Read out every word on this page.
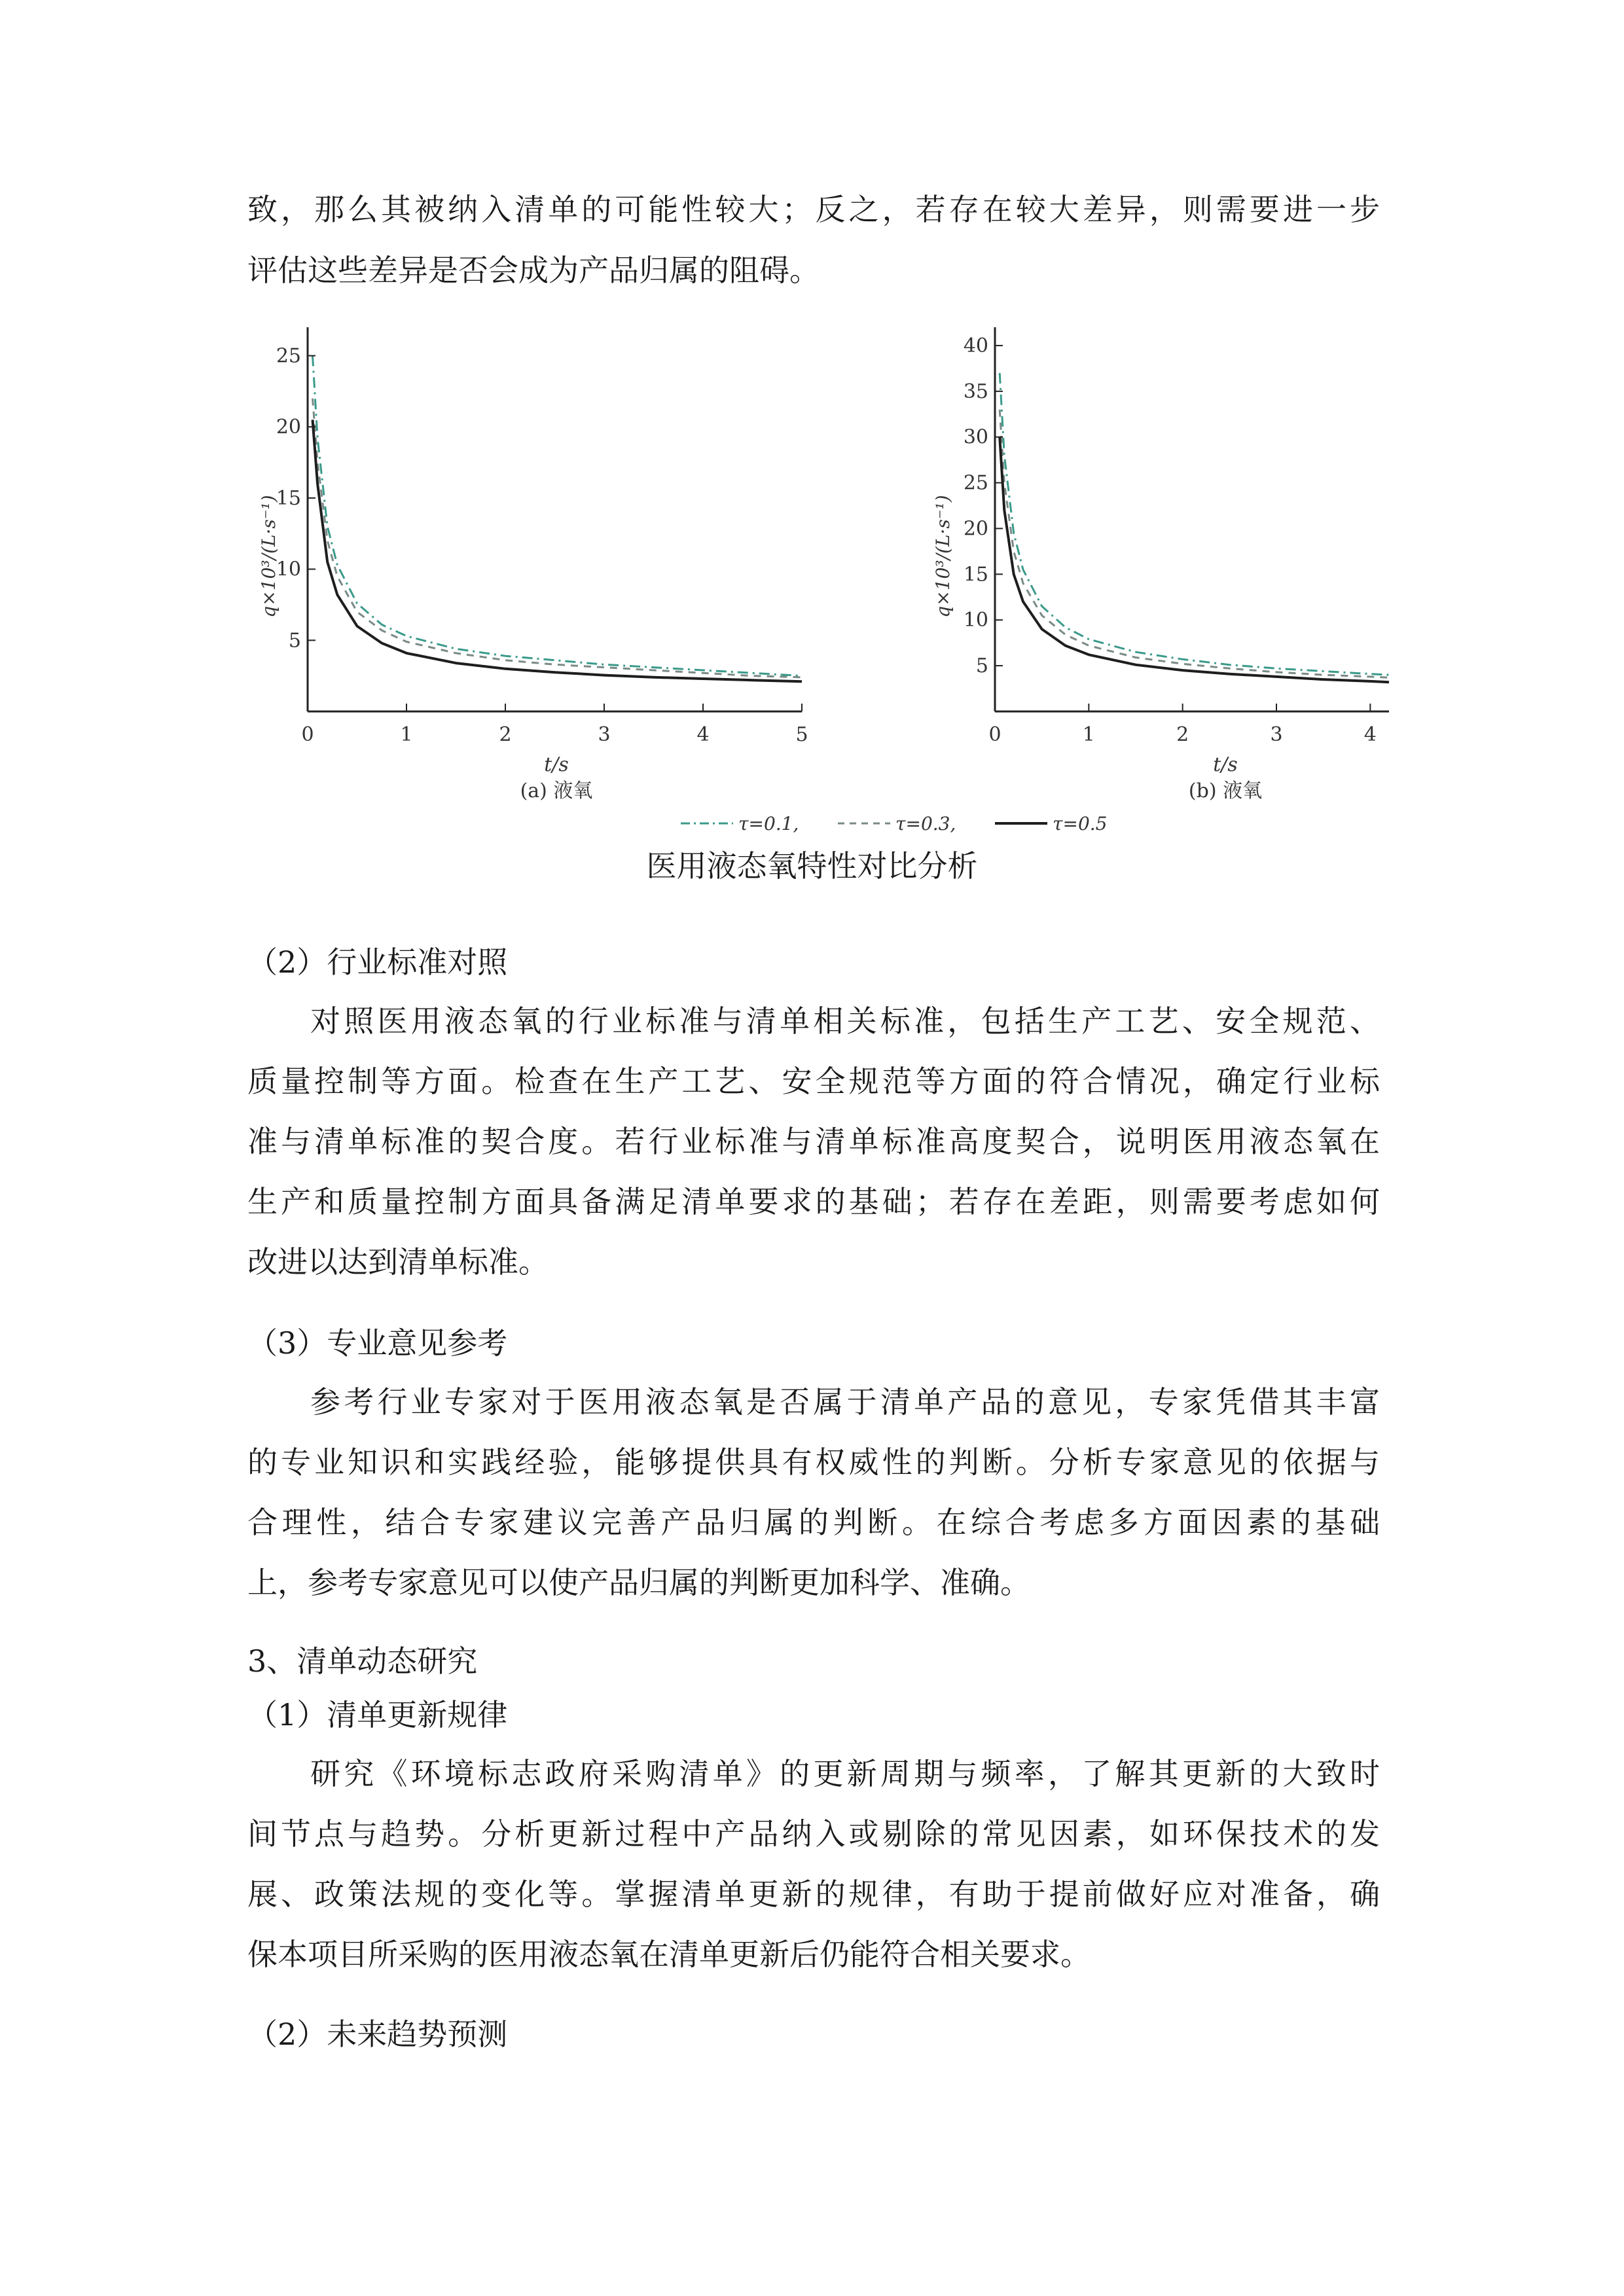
致，那么其被纳入清单的可能性较大；反之，若存在较大差异，则需要进一步
评估这些差异是否会成为产品归属的阻碍。
0	1	2	3	4	5
5
10
15
20
25
q×10³/(L·s⁻¹)
t/s
(a) 液氧
0	1	2	3	4
5
10
15
20
25
30
35
40
q×10³/(L·s⁻¹)
t/s
(b) 液氧
τ=0.1,	τ=0.3,	τ=0.5
医用液态氧特性对比分析
（2）行业标准对照
对照医用液态氧的行业标准与清单相关标准，包括生产工艺、安全规范、
质量控制等方面。检查在生产工艺、安全规范等方面的符合情况，确定行业标
准与清单标准的契合度。若行业标准与清单标准高度契合，说明医用液态氧在
生产和质量控制方面具备满足清单要求的基础；若存在差距，则需要考虑如何
改进以达到清单标准。
（3）专业意见参考
参考行业专家对于医用液态氧是否属于清单产品的意见，专家凭借其丰富
的专业知识和实践经验，能够提供具有权威性的判断。分析专家意见的依据与
合理性，结合专家建议完善产品归属的判断。在综合考虑多方面因素的基础
上，参考专家意见可以使产品归属的判断更加科学、准确。
3、清单动态研究
（1）清单更新规律
研究《环境标志政府采购清单》的更新周期与频率，了解其更新的大致时
间节点与趋势。分析更新过程中产品纳入或剔除的常见因素，如环保技术的发
展、政策法规的变化等。掌握清单更新的规律，有助于提前做好应对准备，确
保本项目所采购的医用液态氧在清单更新后仍能符合相关要求。
（2）未来趋势预测
